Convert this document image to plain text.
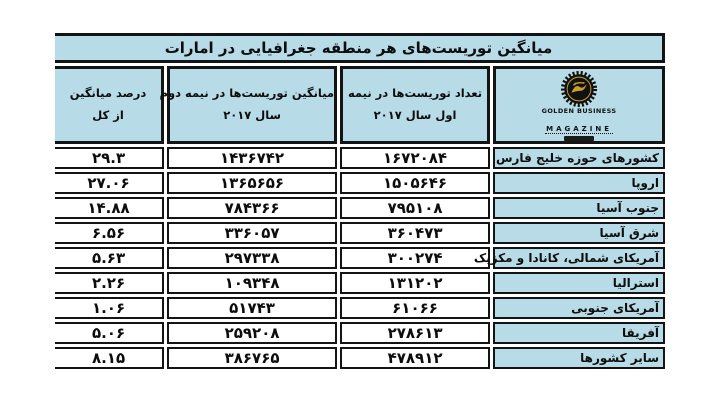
میانگین توریست‌های هر منطقه جغرافیایی در امارات			

GOLDEN BUSINESS
MAGAZINE

تعداد توریست‌ها در نیمه
اول سال ۲۰۱۷

میانگین توریست‌ها در نیمه دوم
سال ۲۰۱۷

درصد میانگین
از کل

کشورهای حوزه خلیج فارس	۱۶۷۲۰۸۴	۱۴۳۶۷۴۲	۲۹.۳
اروپا	۱۵۰۵۶۴۶	۱۳۶۵۶۵۶	۲۷.۰۶
جنوب آسیا	۷۹۵۱۰۸	۷۸۴۳۶۶	۱۴.۸۸
شرق آسیا	۳۶۰۴۷۳	۳۳۶۰۵۷	۶.۵۶
آمریکای شمالی، کانادا و مکزیک	۳۰۰۲۷۴	۲۹۷۳۳۸	۵.۶۳
استرالیا	۱۳۱۲۰۲	۱۰۹۳۴۸	۲.۲۶
آمریکای جنوبی	۶۱۰۶۶	۵۱۷۴۳	۱.۰۶
آفریقا	۲۷۸۶۱۳	۲۵۹۲۰۸	۵.۰۶
سایر کشورها	۴۷۸۹۱۲	۳۸۶۷۶۵	۸.۱۵
